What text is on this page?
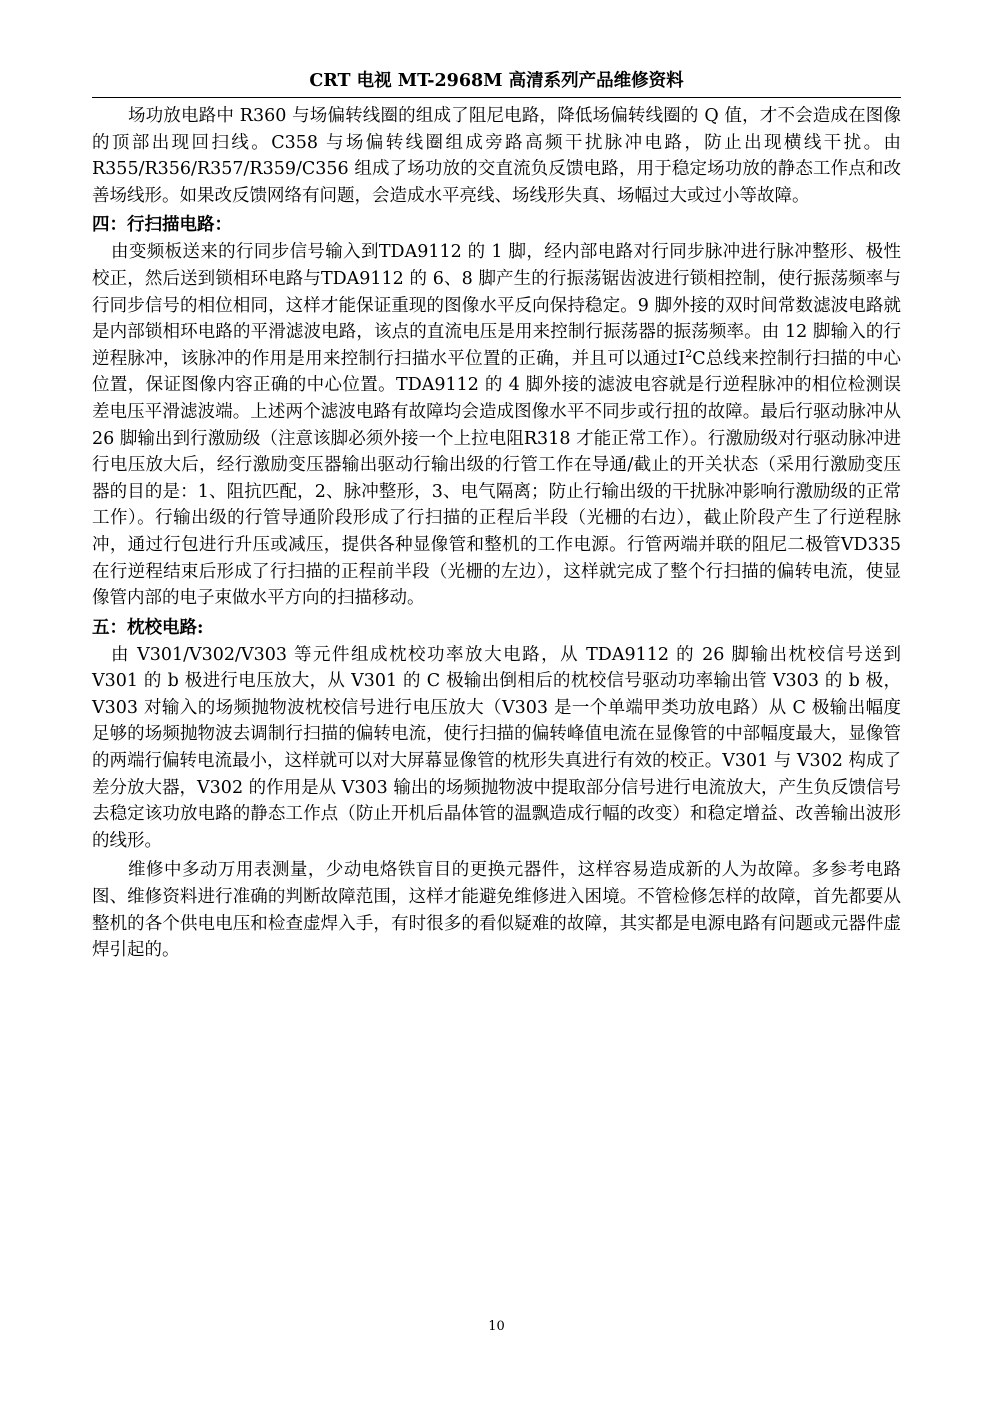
CRT 电视 MT-2968M 高清系列产品维修资料

场功放电路中 R360 与场偏转线圈的组成了阻尼电路，降低场偏转线圈的 Q 值，才不会造成在图像的顶部出现回扫线。C358 与场偏转线圈组成旁路高频干扰脉冲电路，防止出现横线干扰。由 R355/R356/R357/R359/C356 组成了场功放的交直流负反馈电路，用于稳定场功放的静态工作点和改善场线形。如果改反馈网络有问题，会造成水平亮线、场线形失真、场幅过大或过小等故障。

四：行扫描电路：

由变频板送来的行同步信号输入到TDA9112 的 1 脚，经内部电路对行同步脉冲进行脉冲整形、极性校正，然后送到锁相环电路与TDA9112 的 6、8 脚产生的行振荡锯齿波进行锁相控制，使行振荡频率与行同步信号的相位相同，这样才能保证重现的图像水平反向保持稳定。9 脚外接的双时间常数滤波电路就是内部锁相环电路的平滑滤波电路，该点的直流电压是用来控制行振荡器的振荡频率。由 12 脚输入的行逆程脉冲，该脉冲的作用是用来控制行扫描水平位置的正确，并且可以通过$I^2C$总线来控制行扫描的中心位置，保证图像内容正确的中心位置。TDA9112 的 4 脚外接的滤波电容就是行逆程脉冲的相位检测误差电压平滑滤波端。上述两个滤波电路有故障均会造成图像水平不同步或行扭的故障。最后行驱动脉冲从 26 脚输出到行激励级（注意该脚必须外接一个上拉电阻R318 才能正常工作）。行激励级对行驱动脉冲进行电压放大后，经行激励变压器输出驱动行输出级的行管工作在导通/截止的开关状态（采用行激励变压器的目的是：1、阻抗匹配，2、脉冲整形，3、电气隔离；防止行输出级的干扰脉冲影响行激励级的正常工作）。行输出级的行管导通阶段形成了行扫描的正程后半段（光栅的右边），截止阶段产生了行逆程脉冲，通过行包进行升压或减压，提供各种显像管和整机的工作电源。行管两端并联的阻尼二极管VD335 在行逆程结束后形成了行扫描的正程前半段（光栅的左边），这样就完成了整个行扫描的偏转电流，使显像管内部的电子束做水平方向的扫描移动。

五：枕校电路:

由 V301/V302/V303 等元件组成枕校功率放大电路，从 TDA9112 的 26 脚输出枕校信号送到 V301 的 b 极进行电压放大，从 V301 的 C 极输出倒相后的枕校信号驱动功率输出管 V303 的 b 极，V303 对输入的场频抛物波枕校信号进行电压放大（V303 是一个单端甲类功放电路）从 C 极输出幅度足够的场频抛物波去调制行扫描的偏转电流，使行扫描的偏转峰值电流在显像管的中部幅度最大，显像管的两端行偏转电流最小，这样就可以对大屏幕显像管的枕形失真进行有效的校正。V301 与 V302 构成了差分放大器，V302 的作用是从 V303 输出的场频抛物波中提取部分信号进行电流放大，产生负反馈信号去稳定该功放电路的静态工作点（防止开机后晶体管的温飘造成行幅的改变）和稳定增益、改善输出波形的线形。

维修中多动万用表测量，少动电烙铁盲目的更换元器件，这样容易造成新的人为故障。多参考电路图、维修资料进行准确的判断故障范围，这样才能避免维修进入困境。不管检修怎样的故障，首先都要从整机的各个供电电压和检查虚焊入手，有时很多的看似疑难的故障，其实都是电源电路有问题或元器件虚焊引起的。

10
